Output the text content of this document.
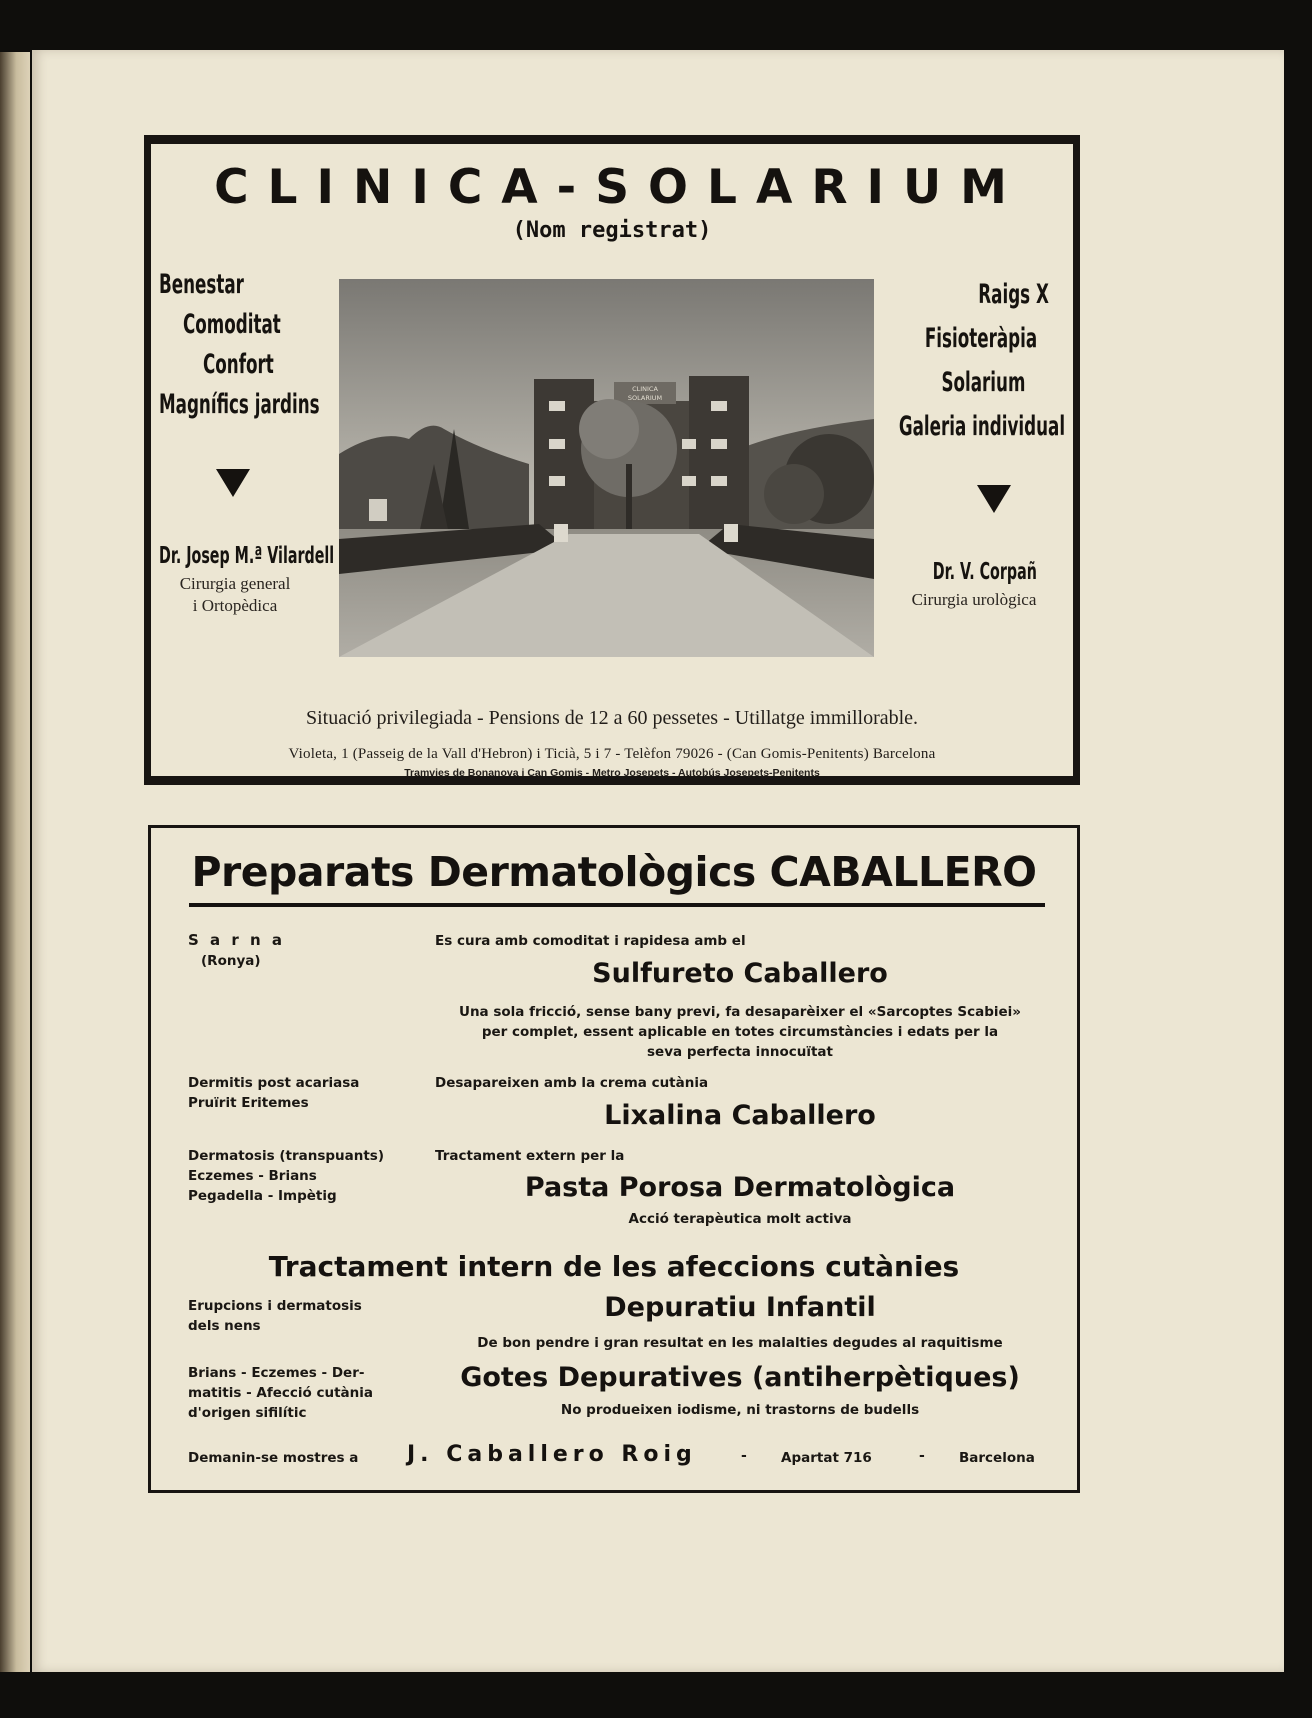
CLINICA-SOLARIUM
(Nom registrat)
Benestar
Comoditat
Confort
Magnífics jardins
Dr. Josep M.ª Vilardell
Cirurgia general
i Ortopèdica
CLINICA
SOLARIUM
Raigs X
Fisioteràpia
Solarium
Galeria individual
Dr. V. Corpañ
Cirurgia urològica
Situació privilegiada - Pensions de 12 a 60 pessetes - Utillatge immillorable.
Violeta, 1 (Passeig de la Vall d'Hebron) i Ticià, 5 i 7 - Telèfon 79026 - (Can Gomis-Penitents) Barcelona
Tramvies de Bonanova i Can Gomis - Metro Josepets - Autobús Josepets-Penitents
Preparats Dermatològics CABALLERO
S a r n a
(Ronya)
Es cura amb comoditat i rapidesa amb el
Sulfureto Caballero
Una sola fricció, sense bany previ, fa desaparèixer el «Sarcoptes Scabiei»
per complet, essent aplicable en totes circumstàncies i edats per la
seva perfecta innocuïtat
Dermitis post acariasa
Pruïrit Eritemes
Desapareixen amb la crema cutània
Lixalina Caballero
Dermatosis (transpuants)
Eczemes - Brians
Pegadella - Impètig
Tractament extern per la
Pasta Porosa Dermatològica
Acció terapèutica molt activa
Tractament intern de les afeccions cutànies
Erupcions i dermatosis
dels nens
Depuratiu Infantil
De bon pendre i gran resultat en les malalties degudes al raquitisme
Brians - Eczemes - Der-
matitis - Afecció cutània
d'origen sifilític
Gotes Depuratives (antiherpètiques)
No produeixen iodisme, ni trastorns de budells
Demanin-se mostres a J. Caballero Roig	-	Apartat 716	-	Barcelona
